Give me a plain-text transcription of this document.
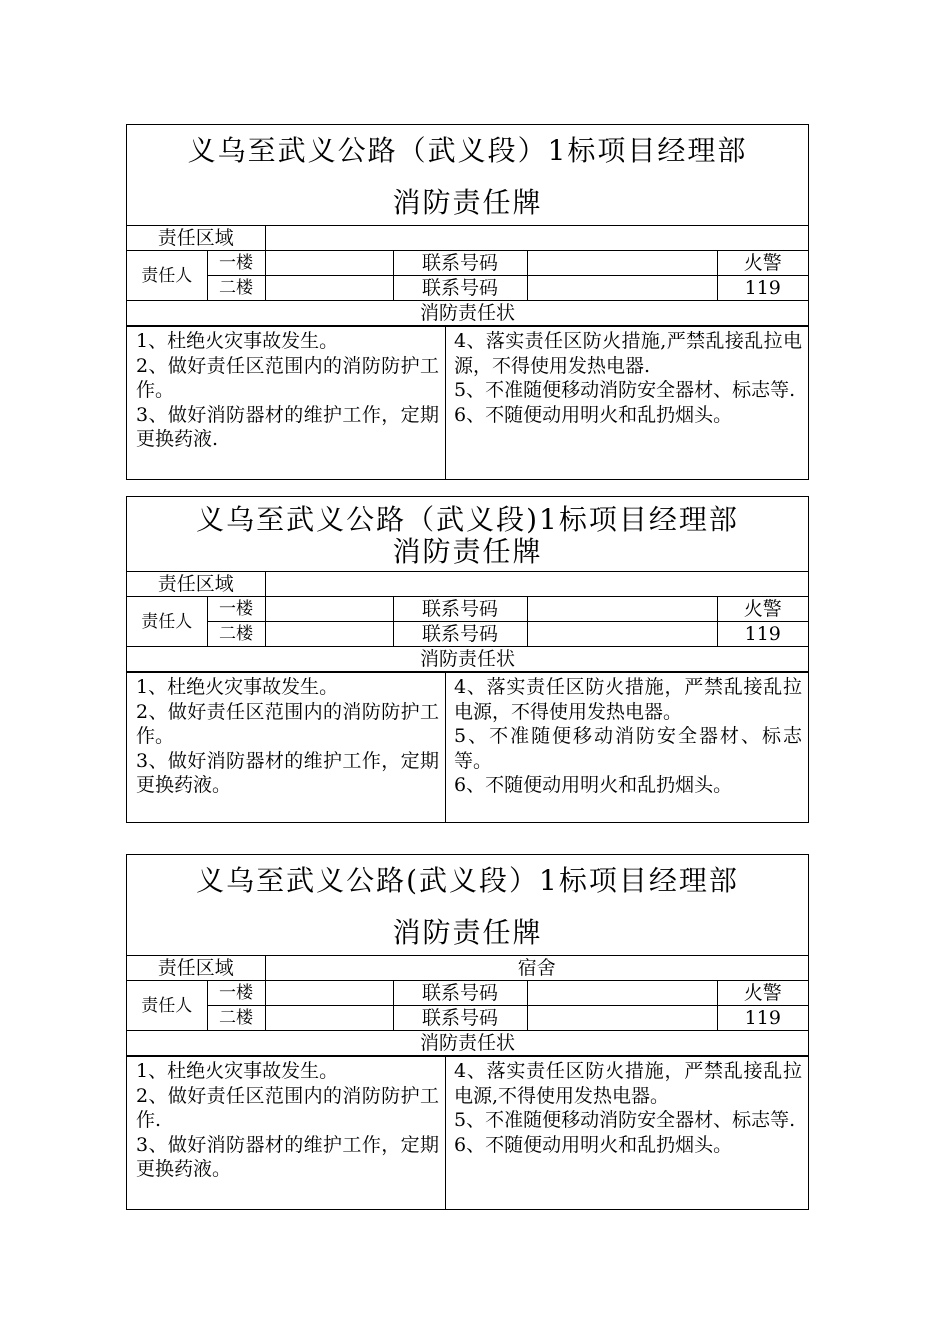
义乌至武义公路（武义段）1标项目经理部
消防责任牌
责任区域					
责任人	一楼		联系号码		火警
	二楼		联系号码		119
消防责任状					
1、杜绝火灾事故发生。
2、做好责任区范围内的消防防护工作。
3、做好消防器材的维护工作，定期更换药液.
4、落实责任区防火措施,严禁乱接乱拉电源，不得使用发热电器.
5、不准随便移动消防安全器材、标志等.
6、不随便动用明火和乱扔烟头。
义乌至武义公路（武义段)1标项目经理部
消防责任牌
责任区域					
责任人	一楼		联系号码		火警
	二楼		联系号码		119
消防责任状					
1、杜绝火灾事故发生。
2、做好责任区范围内的消防防护工作。
3、做好消防器材的维护工作，定期更换药液。
4、落实责任区防火措施，严禁乱接乱拉电源，不得使用发热电器。
5、不准随便移动消防安全器材、标志等。
6、不随便动用明火和乱扔烟头。
义乌至武义公路(武义段）1标项目经理部
消防责任牌
责任区域		宿舍			
责任人	一楼		联系号码		火警
	二楼		联系号码		119
消防责任状					
1、杜绝火灾事故发生。
2、做好责任区范围内的消防防护工作.
3、做好消防器材的维护工作，定期更换药液。
4、落实责任区防火措施，严禁乱接乱拉电源,不得使用发热电器。
5、不准随便移动消防安全器材、标志等.
6、不随便动用明火和乱扔烟头。
